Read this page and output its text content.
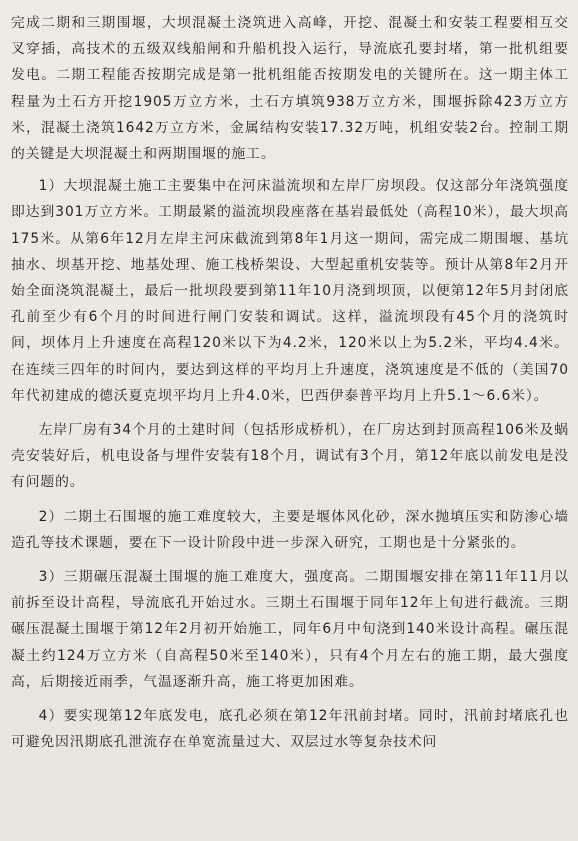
完成二期和三期围堰，大坝混凝土浇筑进入高峰，开挖、混凝土和安装工程要相互交叉穿插，高技术的五级双线船闸和升船机投入运行，导流底孔要封堵，第一批机组要发电。二期工程能否按期完成是第一批机组能否按期发电的关键所在。这一期主体工程量为土石方开挖1905万立方米，土石方填筑938万立方米，围堰拆除423万立方米，混凝土浇筑1642万立方米，金属结构安装17.32万吨，机组安装2台。控制工期的关键是大坝混凝土和两期围堰的施工。

1）大坝混凝土施工主要集中在河床溢流坝和左岸厂房坝段。仅这部分年浇筑强度即达到301万立方米。工期最紧的溢流坝段座落在基岩最低处（高程10米），最大坝高175米。从第6年12月左岸主河床截流到第8年1月这一期间，需完成二期围堰、基坑抽水、坝基开挖、地基处理、施工栈桥架设、大型起重机安装等。预计从第8年2月开始全面浇筑混凝土，最后一批坝段要到第11年10月浇到坝顶，以便第12年5月封闭底孔前至少有6个月的时间进行闸门安装和调试。这样，溢流坝段有45个月的浇筑时间，坝体月上升速度在高程120米以下为4.2米，120米以上为5.2米，平均4.4米。在连续三四年的时间内，要达到这样的平均月上升速度，浇筑速度是不低的（美国70年代初建成的德沃夏克坝平均月上升4.0米，巴西伊泰普平均月上升5.1～6.6米）。

左岸厂房有34个月的土建时间（包括形成桥机），在厂房达到封顶高程106米及蜗壳安装好后，机电设备与埋件安装有18个月，调试有3个月，第12年底以前发电是没有问题的。

2）二期土石围堰的施工难度较大，主要是堰体风化砂，深水抛填压实和防渗心墙造孔等技术课题，要在下一设计阶段中进一步深入研究，工期也是十分紧张的。

3）三期碾压混凝土围堰的施工难度大，强度高。二期围堰安排在第11年11月以前拆至设计高程，导流底孔开始过水。三期土石围堰于同年12年上旬进行截流。三期碾压混凝土围堰于第12年2月初开始施工，同年6月中旬浇到140米设计高程。碾压混凝土约124万立方米（自高程50米至140米），只有4个月左右的施工期，最大强度高，后期接近雨季，气温逐渐升高，施工将更加困难。

4）要实现第12年底发电，底孔必须在第12年汛前封堵。同时，汛前封堵底孔也可避免因汛期底孔泄流存在单宽流量过大、双层过水等复杂技术问
